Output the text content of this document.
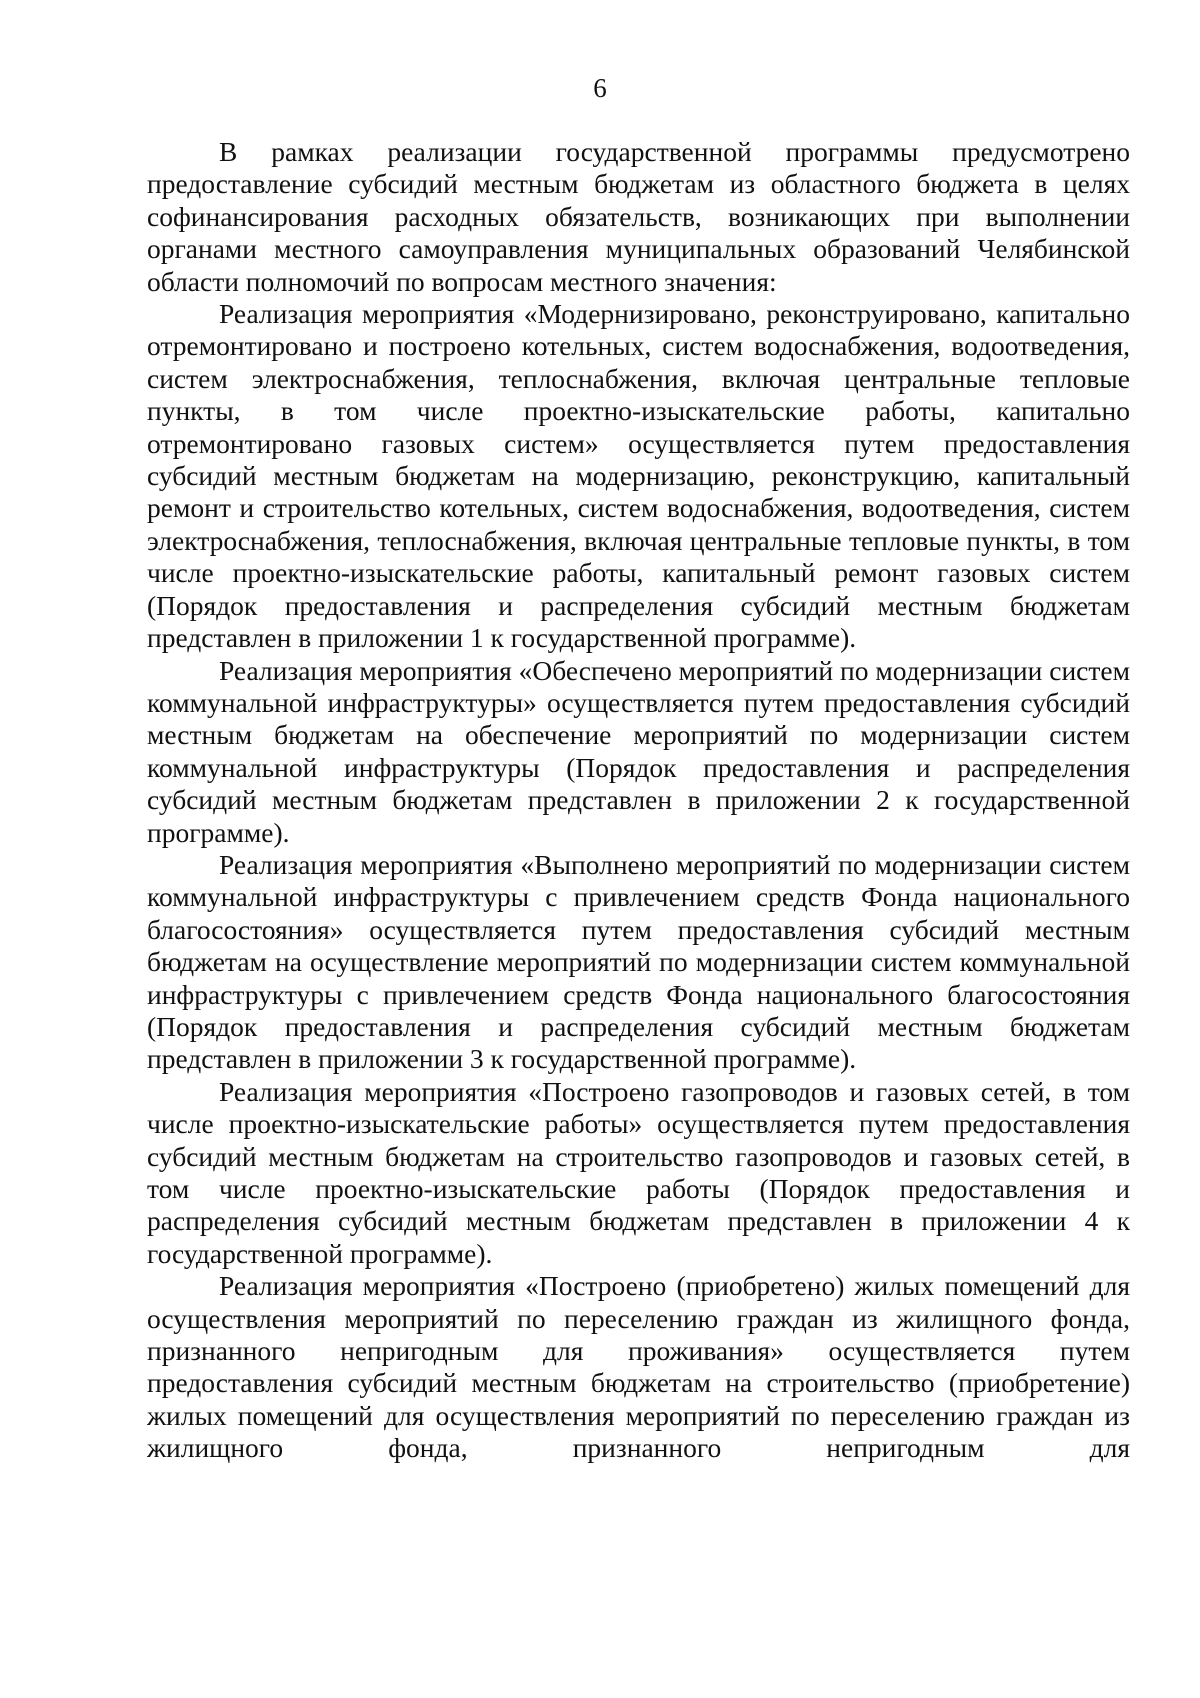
6

В рамках реализации государственной программы предусмотрено предоставление субсидий местным бюджетам из областного бюджета в целях софинансирования расходных обязательств, возникающих при выполнении органами местного самоуправления муниципальных образований Челябинской области полномочий по вопросам местного значения:

Реализация мероприятия «Модернизировано, реконструировано, капитально отремонтировано и построено котельных, систем водоснабжения, водоотведения, систем электроснабжения, теплоснабжения, включая центральные тепловые пункты, в том числе проектно-изыскательские работы, капитально отремонтировано газовых систем» осуществляется путем предоставления субсидий местным бюджетам на модернизацию, реконструкцию, капитальный ремонт и строительство котельных, систем водоснабжения, водоотведения, систем электроснабжения, теплоснабжения, включая центральные тепловые пункты, в том числе проектно-изыскательские работы, капитальный ремонт газовых систем (Порядок предоставления и распределения субсидий местным бюджетам представлен в приложении 1 к государственной программе).

Реализация мероприятия «Обеспечено мероприятий по модернизации систем коммунальной инфраструктуры» осуществляется путем предоставления субсидий местным бюджетам на обеспечение мероприятий по модернизации систем коммунальной инфраструктуры (Порядок предоставления и распределения субсидий местным бюджетам представлен в приложении 2 к государственной программе).

Реализация мероприятия «Выполнено мероприятий по модернизации систем коммунальной инфраструктуры с привлечением средств Фонда национального благосостояния» осуществляется путем предоставления субсидий местным бюджетам на осуществление мероприятий по модернизации систем коммунальной инфраструктуры с привлечением средств Фонда национального благосостояния (Порядок предоставления и распределения субсидий местным бюджетам представлен в приложении 3 к государственной программе).

Реализация мероприятия «Построено газопроводов и газовых сетей, в том числе проектно-изыскательские работы» осуществляется путем предоставления субсидий местным бюджетам на строительство газопроводов и газовых сетей, в том числе проектно-изыскательские работы (Порядок предоставления и распределения субсидий местным бюджетам представлен в приложении 4 к государственной программе).

Реализация мероприятия «Построено (приобретено) жилых помещений для осуществления мероприятий по переселению граждан из жилищного фонда, признанного непригодным для проживания» осуществляется путем предоставления субсидий местным бюджетам на строительство (приобретение) жилых помещений для осуществления мероприятий по переселению граждан из жилищного фонда, признанного непригодным для
